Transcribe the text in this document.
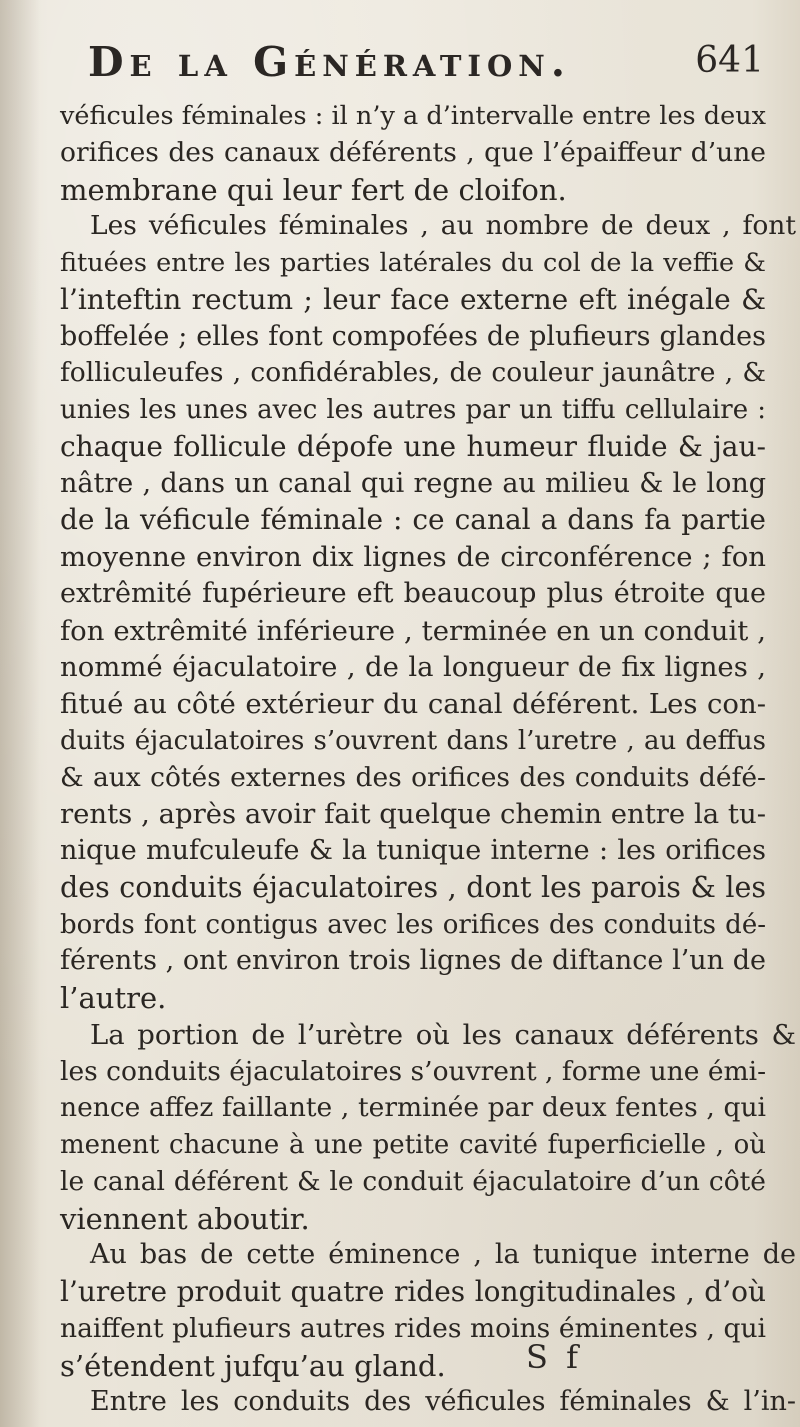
De la Génération.	641
véficules féminales : il n’y a d’intervalle entre les deux
orifices des canaux déférents , que l’épaiffeur d’une
membrane qui leur fert de cloifon.
Les véficules féminales , au nombre de deux , font
fituées entre les parties latérales du col de la veffie &
l’inteftin rectum ; leur face externe eft inégale &
boffelée ; elles font compofées de plufieurs glandes
folliculeufes , confidérables, de couleur jaunâtre , &
unies les unes avec les autres par un tiffu cellulaire :
chaque follicule dépofe une humeur fluide & jau-
nâtre , dans un canal qui regne au milieu & le long
de la véficule féminale : ce canal a dans fa partie
moyenne environ dix lignes de circonférence ; fon
extrêmité fupérieure eft beaucoup plus étroite que
fon extrêmité inférieure , terminée en un conduit ,
nommé éjaculatoire , de la longueur de fix lignes ,
fitué au côté extérieur du canal déférent. Les con-
duits éjaculatoires s’ouvrent dans l’uretre , au deffus
& aux côtés externes des orifices des conduits défé-
rents , après avoir fait quelque chemin entre la tu-
nique mufculeufe & la tunique interne : les orifices
des conduits éjaculatoires , dont les parois & les
bords font contigus avec les orifices des conduits dé-
férents , ont environ trois lignes de diftance l’un de
l’autre.
La portion de l’urètre où les canaux déférents &
les conduits éjaculatoires s’ouvrent , forme une émi-
nence affez faillante , terminée par deux fentes , qui
menent chacune à une petite cavité fuperficielle , où
le canal déférent & le conduit éjaculatoire d’un côté
viennent aboutir.
Au bas de cette éminence , la tunique interne de
l’uretre produit quatre rides longitudinales , d’où
naiffent plufieurs autres rides moins éminentes , qui
s’étendent jufqu’au gland.
Entre les conduits des véficules féminales & l’in-
S f
